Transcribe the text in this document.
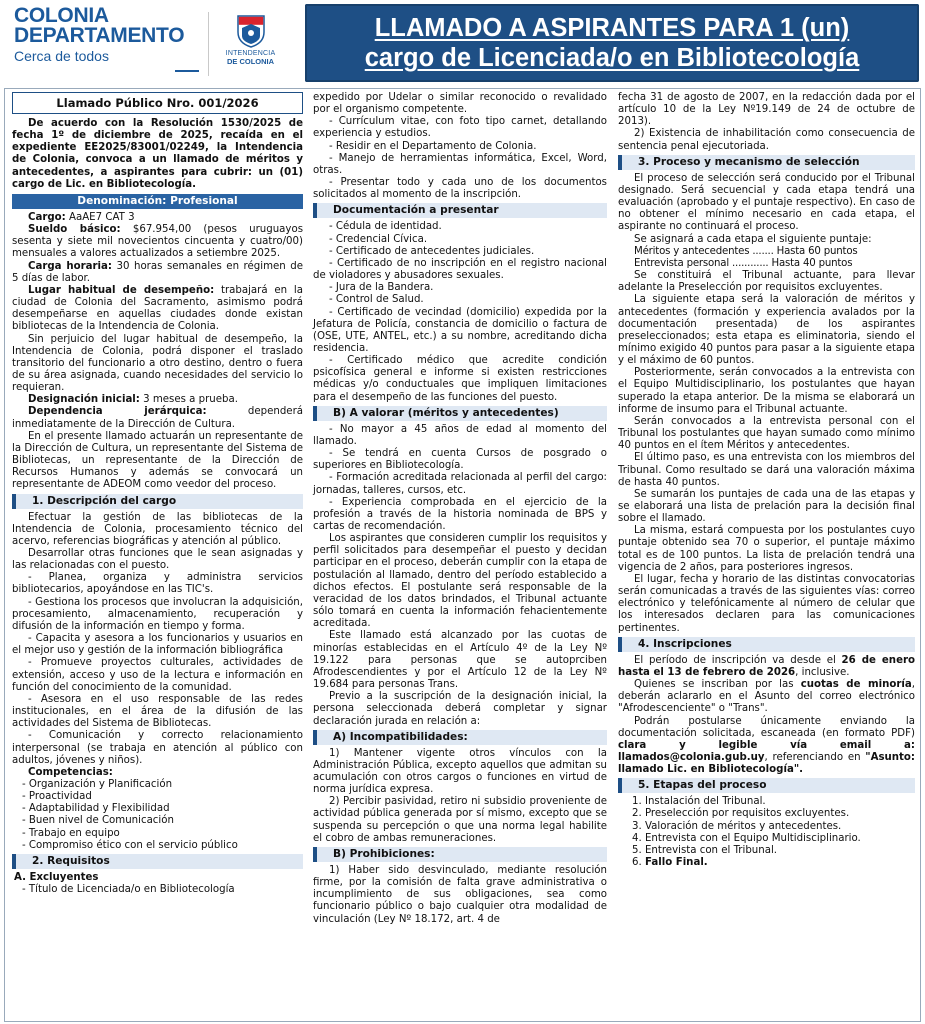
COLONIA
DEPARTAMENTO
Cerca de todos	INTENDENCIA
DE COLONIA
LLAMADO A ASPIRANTES PARA 1 (un)
cargo de Licenciada/o en Bibliotecología
Llamado Público Nro. 001/2026

De acuerdo con la Resolución 1530/2025 de fecha 1º de diciembre de 2025, recaída en el expediente EE2025/83001/02249, la Intendencia de Colonia, convoca a un llamado de méritos y antecedentes, a aspirantes para cubrir: un (01) cargo de Lic. en Bibliotecología.

Denominación: Profesional

Cargo: AaAE7 CAT 3

Sueldo básico: $67.954,00 (pesos uruguayos sesenta y siete mil novecientos cincuenta y cuatro/00) mensuales a valores actualizados a setiembre 2025.

Carga horaria: 30 horas semanales en régimen de 5 días de labor.

Lugar habitual de desempeño: trabajará en la ciudad de Colonia del Sacramento, asimismo podrá desempeñarse en aquellas ciudades donde existan bibliotecas de la Intendencia de Colonia.

Sin perjuicio del lugar habitual de desempeño, la Intendencia de Colonia, podrá disponer el traslado transitorio del funcionario a otro destino, dentro o fuera de su área asignada, cuando necesidades del servicio lo requieran.

Designación inicial: 3 meses a prueba.

Dependencia jerárquica:	dependerá inmediatamente de la Dirección de Cultura.

En el presente llamado actuarán un representante de la Dirección de Cultura, un representante del Sistema de Bibliotecas, un representante de la Dirección de Recursos Humanos y además se convocará un representante de ADEOM como veedor del proceso.

1. Descripción del cargo

Efectuar la gestión de las bibliotecas de la Intendencia de Colonia, procesamiento técnico del acervo, referencias biográficas y atención al público.

Desarrollar otras funciones que le sean asignadas y las relacionadas con el puesto.

- Planea, organiza y administra servicios bibliotecarios, apoyándose en las TIC's.

- Gestiona los procesos que involucran la adquisición, procesamiento, almacenamiento, recuperación y difusión de la información en tiempo y forma.

- Capacita y asesora a los funcionarios y usuarios en el mejor uso y gestión de la información bibliográfica

- Promueve proyectos culturales, actividades de extensión, acceso y uso de la lectura e información en función del conocimiento de la comunidad.

- Asesora en el uso responsable de las redes institucionales, en el área de la difusión de las actividades del Sistema de Bibliotecas.

- Comunicación y correcto relacionamiento interpersonal (se trabaja en atención al público con adultos, jóvenes y niños).

Competencias:

- Organización y Planificación

- Proactividad

- Adaptabilidad y Flexibilidad

- Buen nivel de Comunicación

- Trabajo en equipo

- Compromiso ético con el servicio público

2. Requisitos

A. Excluyentes

- Título de Licenciada/o en Bibliotecología

expedido por Udelar o similar reconocido o revalidado por el organismo competente.

- Currículum vitae, con foto tipo carnet, detallando experiencia y estudios.

- Residir en el Departamento de Colonia.

- Manejo de herramientas informática, Excel, Word, otras.

- Presentar todo y cada uno de los documentos solicitados al momento de la inscripción.

Documentación a presentar

- Cédula de identidad.

- Credencial Cívica.

- Certificado de antecedentes judiciales.

- Certificado de no inscripción en el registro nacional de violadores y abusadores sexuales.

- Jura de la Bandera.

- Control de Salud.

- Certificado de vecindad (domicilio) expedida por la Jefatura de Policía, constancia de domicilio o factura de (OSE, UTE, ANTEL, etc.) a su nombre, acreditando dicha residencia.

- Certificado médico que acredite condición psicofísica general e informe si existen restricciones médicas y/o conductuales que impliquen limitaciones para el desempeño de las funciones del puesto.

B) A valorar (méritos y antecedentes)

- No mayor a 45 años de edad al momento del llamado.

- Se tendrá en cuenta Cursos de posgrado o superiores en Bibliotecología.

- Formación acreditada relacionada al perfil del cargo: jornadas, talleres, cursos, etc.

- Experiencia comprobada en el ejercicio de la profesión a través de la historia nominada de BPS y cartas de recomendación.

Los aspirantes que consideren cumplir los requisitos y perfil solicitados para desempeñar el puesto y decidan participar en el proceso, deberán cumplir con la etapa de postulación al llamado, dentro del período establecido a dichos efectos. El postulante será responsable de la veracidad de los datos brindados, el Tribunal actuante sólo tomará en cuenta la información fehacientemente acreditada.

Este llamado está alcanzado por las cuotas de minorías establecidas en el Artículo 4º de la Ley Nº 19.122 para personas que se autoprciben Afrodescendientes y por el Artículo 12 de la Ley Nº 19.684 para personas Trans.

Previo a la suscripción de la designación inicial, la persona seleccionada deberá completar y signar declaración jurada en relación a:

A) Incompatibilidades:

1) Mantener vigente otros vínculos con la Administración Pública, excepto aquellos que admitan su acumulación con otros cargos o funciones en virtud de norma jurídica expresa.

2) Percibir pasividad, retiro ni subsidio proveniente de actividad pública generada por sí mismo, excepto que se suspenda su percepción o que una norma legal habilite el cobro de ambas remuneraciones.

B) Prohibiciones:

1) Haber sido desvinculado, mediante resolución firme, por la comisión de falta grave administrativa o incumplimiento de sus obligaciones, sea como funcionario público o bajo cualquier otra modalidad de vinculación (Ley Nº 18.172, art. 4 de

fecha 31 de agosto de 2007, en la redacción dada por el artículo 10 de la Ley Nº19.149 de 24 de octubre de 2013).

2) Existencia de inhabilitación como consecuencia de sentencia penal ejecutoriada.

3. Proceso y mecanismo de selección

El proceso de selección será conducido por el Tribunal designado. Será secuencial y cada etapa tendrá una evaluación (aprobado y el puntaje respectivo). En caso de no obtener el mínimo necesario en cada etapa, el aspirante no continuará el proceso.

Se asignará a cada etapa el siguiente puntaje:

Méritos y antecedentes ....... Hasta 60 puntos

Entrevista personal ............ Hasta 40 puntos

Se constituirá el Tribunal actuante, para llevar adelante la Preselección por requisitos excluyentes.

La siguiente etapa será la valoración de méritos y antecedentes (formación y experiencia avalados por la documentación presentada) de los aspirantes preseleccionados; esta etapa es eliminatoria, siendo el mínimo exigido 40 puntos para pasar a la siguiente etapa y el máximo de 60 puntos.

Posteriormente, serán convocados a la entrevista con el Equipo Multidisciplinario, los postulantes que hayan superado la etapa anterior. De la misma se elaborará un informe de insumo para el Tribunal actuante.

Serán convocados a la entrevista personal con el Tribunal los postulantes que hayan sumado como mínimo 40 puntos en el ítem Méritos y antecedentes.

El último paso, es una entrevista con los miembros del Tribunal. Como resultado se dará una valoración máxima de hasta 40 puntos.

Se sumarán los puntajes de cada una de las etapas y se elaborará una lista de prelación para la decisión final sobre el llamado.

La misma, estará compuesta por los postulantes cuyo puntaje obtenido sea 70 o superior, el puntaje máximo total es de 100 puntos. La lista de prelación tendrá una vigencia de 2 años, para posteriores ingresos.

El lugar, fecha y horario de las distintas convocatorias serán comunicadas a través de las siguientes vías: correo electrónico y telefónicamente al número de celular que los interesados declaren para las comunicaciones pertinentes.

4. Inscripciones

El período de inscripción va desde el 26 de enero hasta el 13 de febrero de 2026, inclusive.

Quienes se inscriban por las cuotas de minoría, deberán aclararlo en el Asunto del correo electrónico "Afrodescenciente" o "Trans".

Podrán postularse únicamente enviando la documentación solicitada, escaneada (en formato PDF) clara y legible vía email a: llamados@colonia.gub.uy, referenciando en "Asunto: llamado Lic. en Bibliotecología".

5. Etapas del proceso

1. Instalación del Tribunal.

2. Preselección por requisitos excluyentes.

3. Valoración de méritos y antecedentes.

4. Entrevista con el Equipo Multidisciplinario.

5. Entrevista con el Tribunal.

6. Fallo Final.
